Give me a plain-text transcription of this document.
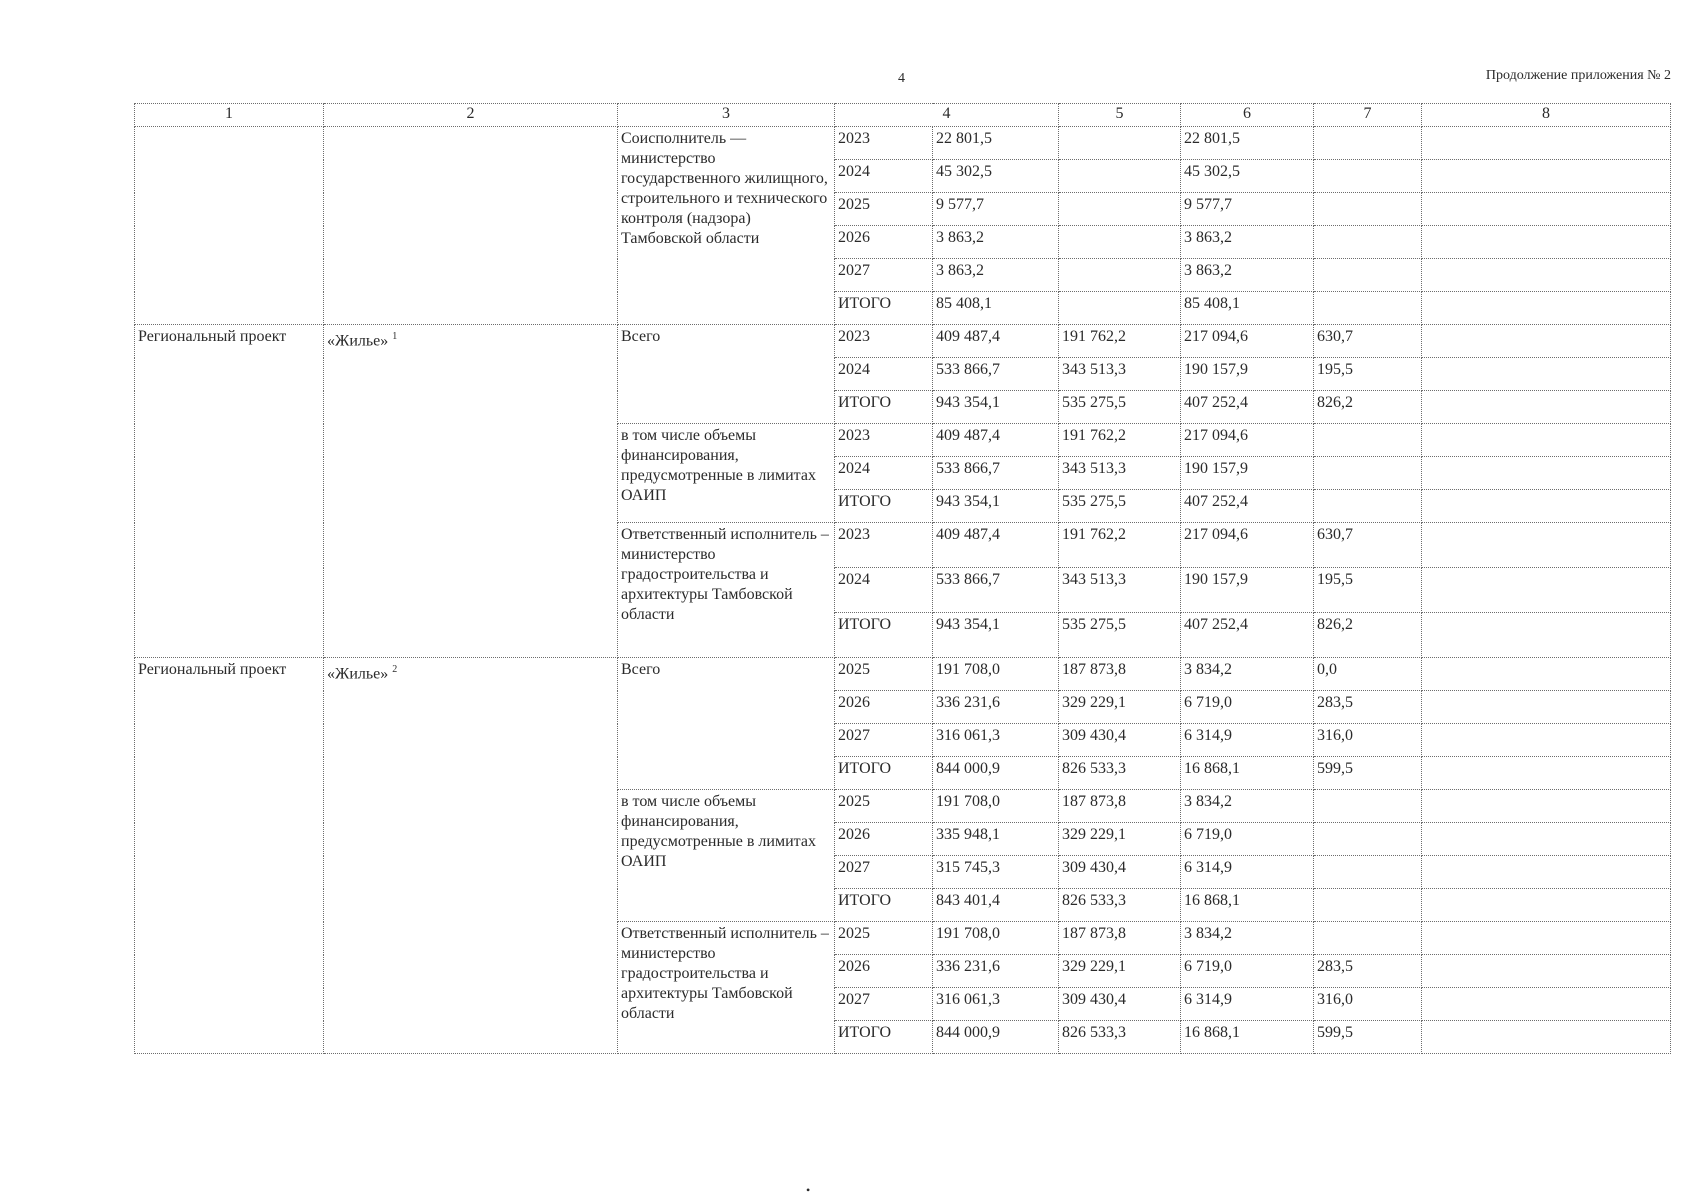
4	Продолжение приложения № 2
1	2	3	4		5	6	7	8
		Соисполнитель — министерство государственного жилищного, строительного и технического контроля (надзора) Тамбовской области	2023	22 801,5		22 801,5		
			2024	45 302,5		45 302,5		
			2025	9 577,7		9 577,7		
			2026	3 863,2		3 863,2		
			2027	3 863,2		3 863,2		
			ИТОГО	85 408,1		85 408,1		
Региональный проект	«Жилье» $^1$	Всего	2023	409 487,4	191 762,2	217 094,6	630,7	
			2024	533 866,7	343 513,3	190 157,9	195,5	
			ИТОГО	943 354,1	535 275,5	407 252,4	826,2	
		в том числе объемы финансирования, предусмотренные в лимитах ОАИП	2023	409 487,4	191 762,2	217 094,6		
			2024	533 866,7	343 513,3	190 157,9		
			ИТОГО	943 354,1	535 275,5	407 252,4		
		Ответственный исполнитель – министерство градостроительства и архитектуры Тамбовской области	2023	409 487,4	191 762,2	217 094,6	630,7	
			2024	533 866,7	343 513,3	190 157,9	195,5	
			ИТОГО	943 354,1	535 275,5	407 252,4	826,2	
Региональный проект	«Жилье» $^2$	Всего	2025	191 708,0	187 873,8	3 834,2	0,0	
			2026	336 231,6	329 229,1	6 719,0	283,5	
			2027	316 061,3	309 430,4	6 314,9	316,0	
			ИТОГО	844 000,9	826 533,3	16 868,1	599,5	
		в том числе объемы финансирования, предусмотренные в лимитах ОАИП	2025	191 708,0	187 873,8	3 834,2		
			2026	335 948,1	329 229,1	6 719,0		
			2027	315 745,3	309 430,4	6 314,9		
			ИТОГО	843 401,4	826 533,3	16 868,1		
		Ответственный исполнитель – министерство градостроительства и архитектуры Тамбовской области	2025	191 708,0	187 873,8	3 834,2		
			2026	336 231,6	329 229,1	6 719,0	283,5	
			2027	316 061,3	309 430,4	6 314,9	316,0	
			ИТОГО	844 000,9	826 533,3	16 868,1	599,5	
•
